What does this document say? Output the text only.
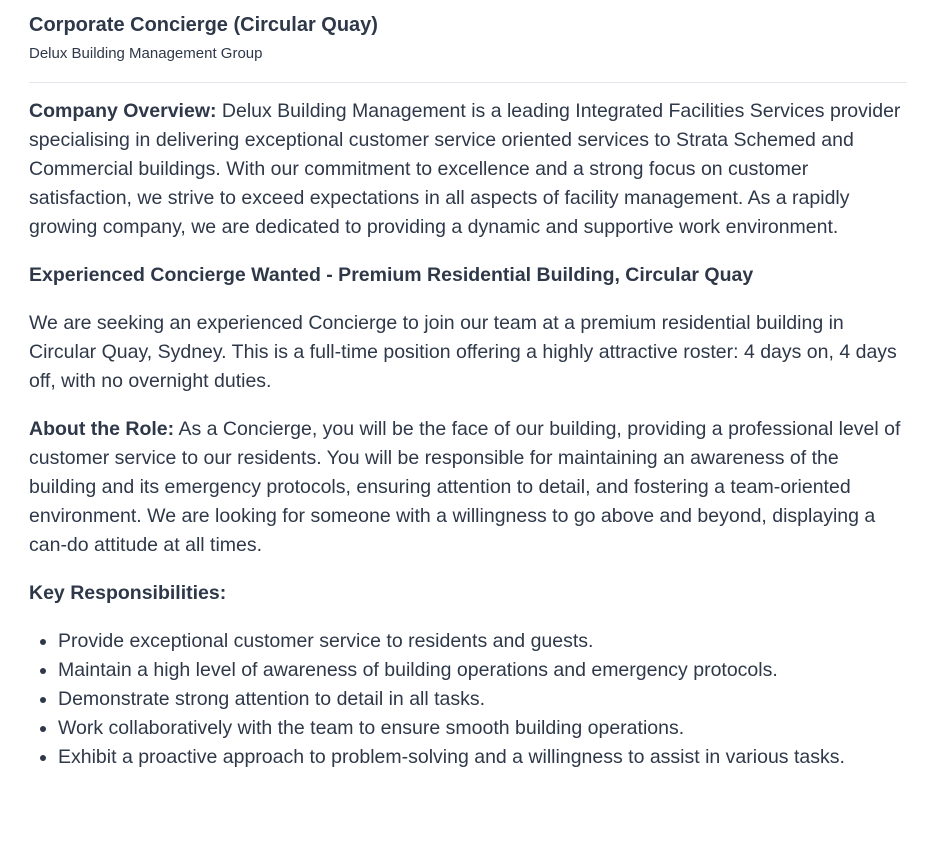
Corporate Concierge (Circular Quay)
Delux Building Management Group

Company Overview: Delux Building Management is a leading Integrated Facilities Services provider specialising in delivering exceptional customer service oriented services to Strata Schemed and Commercial buildings. With our commitment to excellence and a strong focus on customer satisfaction, we strive to exceed expectations in all aspects of facility management. As a rapidly growing company, we are dedicated to providing a dynamic and supportive work environment.

Experienced Concierge Wanted - Premium Residential Building, Circular Quay

We are seeking an experienced Concierge to join our team at a premium residential building in Circular Quay, Sydney. This is a full-time position offering a highly attractive roster: 4 days on, 4 days off, with no overnight duties.

About the Role: As a Concierge, you will be the face of our building, providing a professional level of customer service to our residents. You will be responsible for maintaining an awareness of the building and its emergency protocols, ensuring attention to detail, and fostering a team-oriented environment. We are looking for someone with a willingness to go above and beyond, displaying a can-do attitude at all times.

Key Responsibilities:

• Provide exceptional customer service to residents and guests.
• Maintain a high level of awareness of building operations and emergency protocols.
• Demonstrate strong attention to detail in all tasks.
• Work collaboratively with the team to ensure smooth building operations.
• Exhibit a proactive approach to problem-solving and a willingness to assist in various tasks.
